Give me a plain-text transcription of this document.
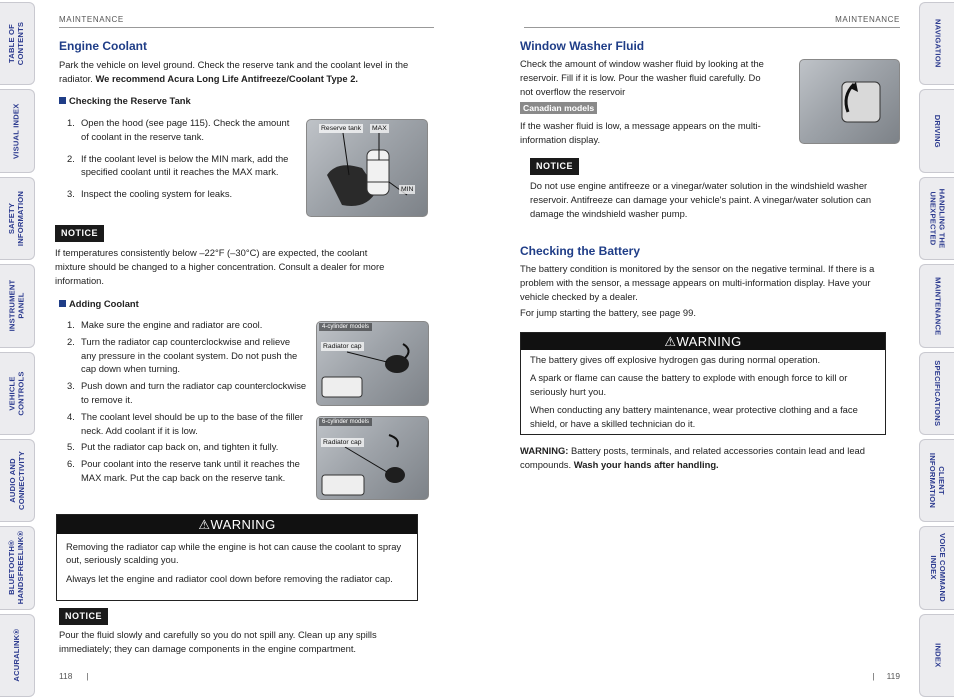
TABLE OF
CONTENTS
VISUAL INDEX
SAFETY
INFORMATION
INSTRUMENT
PANEL
VEHICLE
CONTROLS
AUDIO AND
CONNECTIVITY
BLUETOOTH®
HANDSFREELINK®
ACURALINK®
NAVIGATION
DRIVING
HANDLING THE
UNEXPECTED
MAINTENANCE
SPECIFICATIONS
CLIENT
INFORMATION
VOICE COMMAND
INDEX
INDEX
MAINTENANCE
Engine Coolant
Park the vehicle on level ground. Check the reserve tank and the coolant level in the radiator. We recommend Acura Long Life Antifreeze/Coolant Type 2.
Checking the Reserve Tank
1. Open the hood (see page 115). Check the amount of coolant in the reserve tank.
2. If the coolant level is below the MIN mark, add the specified coolant until it reaches the MAX mark.
3. Inspect the cooling system for leaks.
Reserve tank MAX
MIN
NOTICE
If temperatures consistently below –22°F (–30°C) are expected, the coolant mixture should be changed to a higher concentration. Consult a dealer for more information.
Adding Coolant
1. Make sure the engine and radiator are cool.
2. Turn the radiator cap counterclockwise and relieve any pressure in the coolant system. Do not push the cap down when turning.
3. Push down and turn the radiator cap counterclockwise to remove it.
4. The coolant level should be up to the base of the filler neck. Add coolant if it is low.
5. Put the radiator cap back on, and tighten it fully.
6. Pour coolant into the reserve tank until it reaches the MAX mark. Put the cap back on the reserve tank.
4-cylinder models
Radiator cap
6-cylinder models
Radiator cap
⚠WARNING

Removing the radiator cap while the engine is hot can cause the coolant to spray out, seriously scalding you.

Always let the engine and radiator cool down before removing the radiator cap.

NOTICE
Pour the fluid slowly and carefully so you do not spill any. Clean up any spills immediately; they can damage components in the engine compartment.
118 |
MAINTENANCE
Window Washer Fluid
Check the amount of window washer fluid by looking at the reservoir. Fill if it is low. Pour the washer fluid carefully. Do not overflow the reservoir
Canadian models
If the washer fluid is low, a message appears on the multi-information display.
NOTICE
Do not use engine antifreeze or a vinegar/water solution in the windshield washer reservoir. Antifreeze can damage your vehicle's paint. A vinegar/water solution can damage the windshield washer pump.
Checking the Battery
The battery condition is monitored by the sensor on the negative terminal. If there is a problem with the sensor, a message appears on multi-information display. Have your vehicle checked by a dealer.
For jump starting the battery, see page 99.
⚠WARNING

The battery gives off explosive hydrogen gas during normal operation.

A spark or flame can cause the battery to explode with enough force to kill or seriously hurt you.

When conducting any battery maintenance, wear protective clothing and a face shield, or have a skilled technician do it.

WARNING: Battery posts, terminals, and related accessories contain lead and lead compounds. Wash your hands after handling.
| 119
